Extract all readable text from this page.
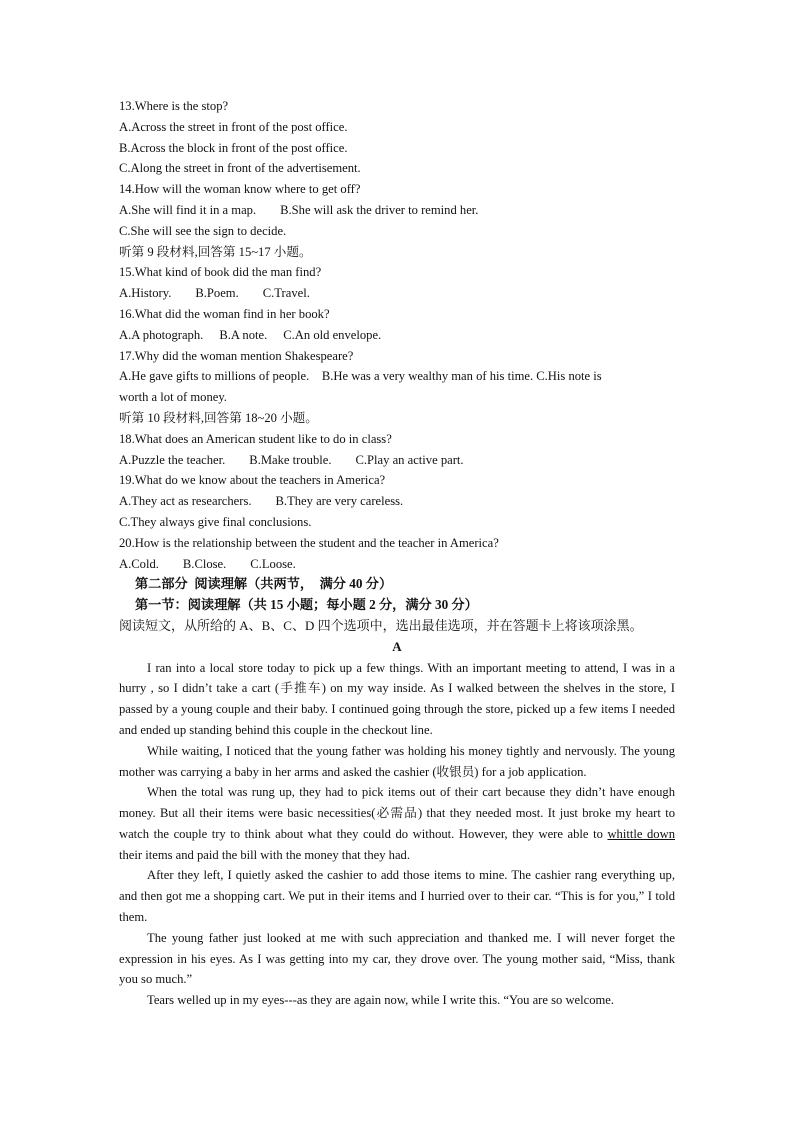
13.Where is the stop?
A.Across the street in front of the post office.
B.Across the block in front of the post office.
C.Along the street in front of the advertisement.
14.How will the woman know where to get off?
A.She will find it in a map. B.She will ask the driver to remind her.
C.She will see the sign to decide.
听第 9 段材料,回答第 15~17 小题。
15.What kind of book did the man find?
A.History. B.Poem. C.Travel.
16.What did the woman find in her book?
A.A photograph. B.A note. C.An old envelope.
17.Why did the woman mention Shakespeare?
A.He gave gifts to millions of people.    B.He was a very wealthy man of his time. C.His note is
worth a lot of money.
听第 10 段材料,回答第 18~20 小题。
18.What does an American student like to do in class?
A.Puzzle the teacher. B.Make trouble. C.Play an active part.
19.What do we know about the teachers in America?
A.They act as researchers. B.They are very careless.
C.They always give final conclusions.
20.How is the relationship between the student and the teacher in America?
A.Cold. B.Close. C.Loose.
第二部分  阅读理解（共两节，  满分 40 分）
第一节：阅读理解（共 15 小题；每小题 2 分，满分 30 分）
阅读短文，从所给的 A、B、C、D 四个选项中，选出最佳选项，并在答题卡上将该项涂黑。
A

I ran into a local store today to pick up a few things. With an important meeting to attend, I was in a hurry , so I didn’t take a cart (手推车) on my way inside. As I walked between the shelves in the store, I passed by a young couple and their baby. I continued going through the store, picked up a few items I needed and ended up standing behind this couple in the checkout line.

While waiting, I noticed that the young father was holding his money tightly and nervously. The young mother was carrying a baby in her arms and asked the cashier (收银员) for a job application.

When the total was rung up, they had to pick items out of their cart because they didn’t have enough money. But all their items were basic necessities(必需品) that they needed most. It just broke my heart to watch the couple try to think about what they could do without. However, they were able to whittle down their items and paid the bill with the money that they had.

After they left, I quietly asked the cashier to add those items to mine. The cashier rang everything up, and then got me a shopping cart. We put in their items and I hurried over to their car. “This is for you,” I told them.

The young father just looked at me with such appreciation and thanked me. I will never forget the expression in his eyes. As I was getting into my car, they drove over. The young mother said, “Miss, thank you so much.”

Tears welled up in my eyes---as they are again now, while I write this. “You are so welcome.
